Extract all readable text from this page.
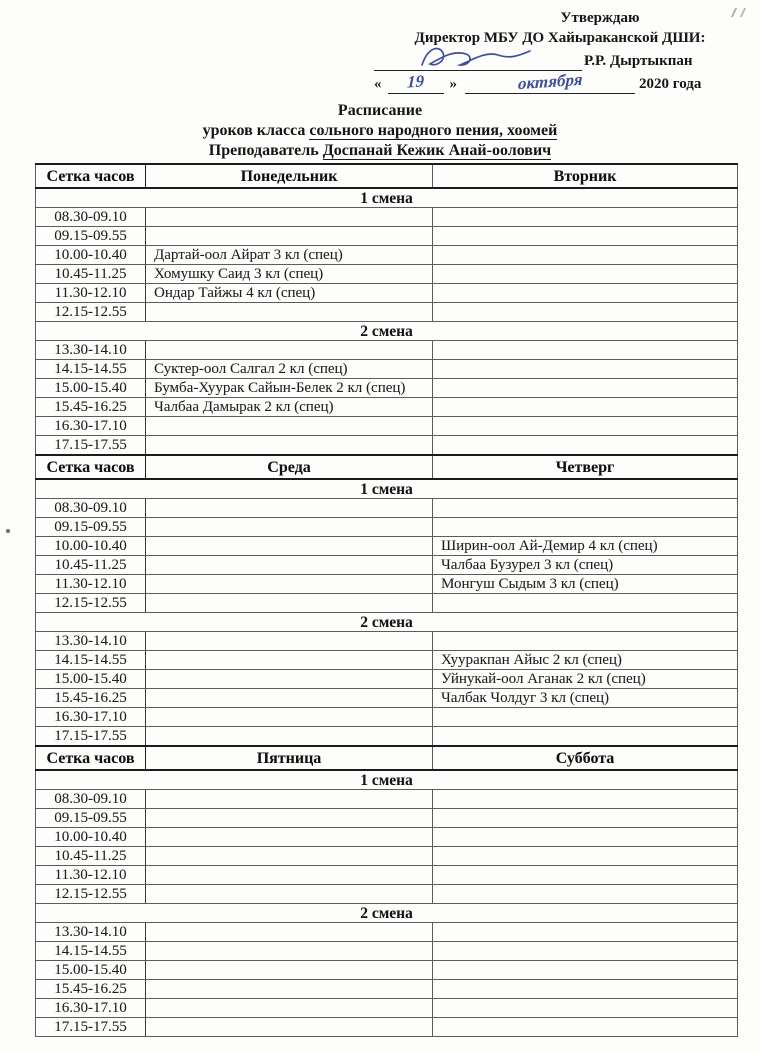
Утверждаю
Директор МБУ ДО Хайыраканской ДШИ:
Р.Р. Дыртыкпан
«	19	»	октября	2020 года
Расписание
уроков класса сольного народного пения, хоомей
Преподаватель Доспанай Кежик Анай-оолович
Сетка часов	Понедельник	Вторник
1 смена		
08.30-09.10		
09.15-09.55		
10.00-10.40	Дартай-оол Айрат 3 кл (спец)	
10.45-11.25	Хомушку Саид 3 кл (спец)	
11.30-12.10	Ондар Тайжы 4 кл (спец)	
12.15-12.55		
2 смена		
13.30-14.10		
14.15-14.55	Суктер-оол Салгал 2 кл (спец)	
15.00-15.40	Бумба-Хуурак Сайын-Белек 2 кл (спец)	
15.45-16.25	Чалбаа Дамырак 2 кл (спец)	
16.30-17.10		
17.15-17.55		
Сетка часов	Среда	Четверг
1 смена		
08.30-09.10		
09.15-09.55		
10.00-10.40		Ширин-оол Ай-Демир 4 кл (спец)
10.45-11.25		Чалбаа Бузурел 3 кл (спец)
11.30-12.10		Монгуш Сыдым 3 кл (спец)
12.15-12.55		
2 смена		
13.30-14.10		
14.15-14.55		Хууракпан Айыс 2 кл (спец)
15.00-15.40		Уйнукай-оол Аганак 2 кл (спец)
15.45-16.25		Чалбак Чолдуг 3 кл (спец)
16.30-17.10		
17.15-17.55		
Сетка часов	Пятница	Суббота
1 смена		
08.30-09.10		
09.15-09.55		
10.00-10.40		
10.45-11.25		
11.30-12.10		
12.15-12.55		
2 смена		
13.30-14.10		
14.15-14.55		
15.00-15.40		
15.45-16.25		
16.30-17.10		
17.15-17.55		
